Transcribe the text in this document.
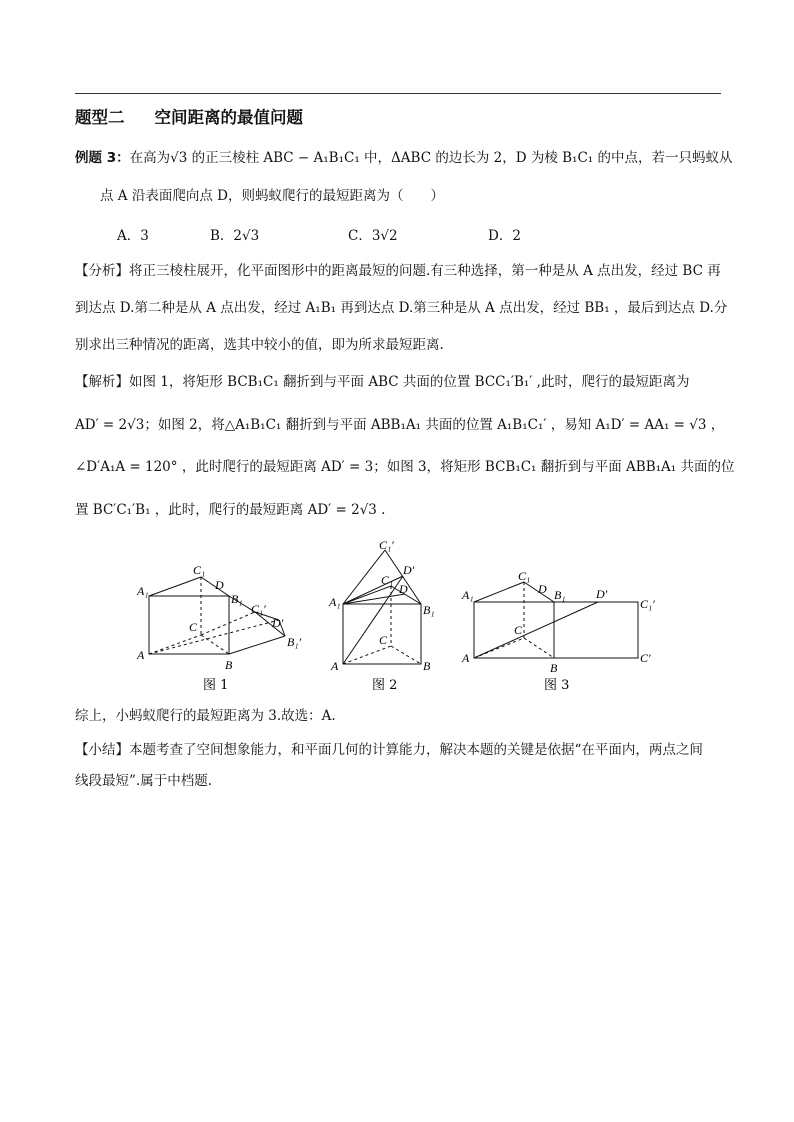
题型二 空间距离的最值问题
例题 3：在高为√3 的正三棱柱 ABC − A₁B₁C₁ 中，ΔABC 的边长为 2，D 为棱 B₁C₁ 的中点，若一只蚂蚁从
点 A 沿表面爬向点 D，则蚂蚁爬行的最短距离为（　　）
A．3	B．2√3	C．3√2	D．2
【分析】将正三棱柱展开，化平面图形中的距离最短的问题.有三种选择，第一种是从 A 点出发，经过 BC 再
到达点 D.第二种是从 A 点出发，经过 A₁B₁ 再到达点 D.第三种是从 A 点出发，经过 BB₁ ，最后到达点 D.分
别求出三种情况的距离，选其中较小的值，即为所求最短距离.
【解析】如图 1，将矩形 BCB₁C₁ 翻折到与平面 ABC 共面的位置 BCC₁′B₁′ ,此时，爬行的最短距离为
AD′ = 2√3；如图 2，将△A₁B₁C₁ 翻折到与平面 ABB₁A₁ 共面的位置 A₁B₁C₁′ ，易知 A₁D′ = AA₁ = √3 ，
∠D′A₁A = 120° ，此时爬行的最短距离 AD′ = 3；如图 3，将矩形 BCB₁C₁ 翻折到与平面 ABB₁A₁ 共面的位
置 BC′C₁′B₁ ，此时，爬行的最短距离 AD′ = 2√3 .
A₁
C₁
D
B₁
C₁′
D′
C
B₁′
A
B
图 1
C₁′
D′
C₁
D
A₁
C
B₁
A	B
图 2
A₁
C₁
D B₁	D′
C₁′
C
A
B
C′
图 3
综上，小蚂蚁爬行的最短距离为 3.故选：A.
【小结】本题考查了空间想象能力，和平面几何的计算能力，解决本题的关键是依据“在平面内，两点之间
线段最短”.属于中档题.
